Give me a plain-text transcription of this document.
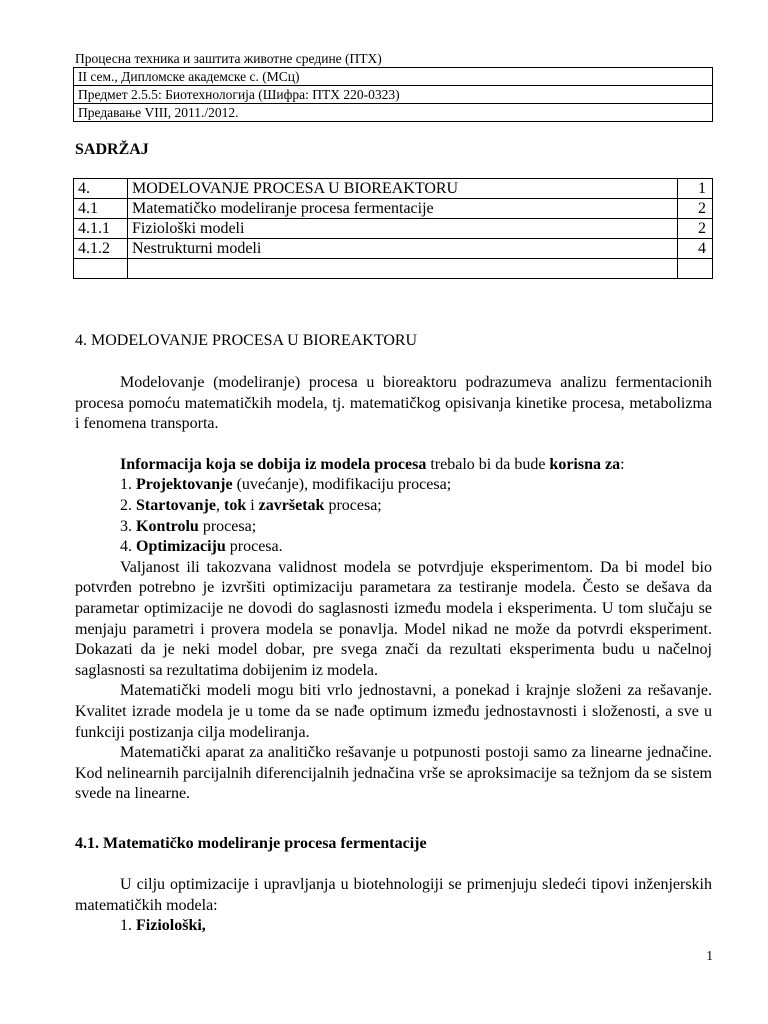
Процесна техника и заштита животне средине (ПТХ)
II сем., Дипломске академске с. (МСц)
Предмет 2.5.5: Биотехнологија (Шифра: ПТХ 220-0323)
Предавање VIII, 2011./2012.
SADRŽAJ
4.	MODELOVANJE PROCESA U BIOREAKTORU	1
4.1	Matematičko modeliranje procesa fermentacije	2
4.1.1	Fiziološki modeli	2
4.1.2	Nestrukturni modeli	4

4. MODELOVANJE PROCESA U BIOREAKTORU

Modelovanje (modeliranje) procesa u bioreaktoru podrazumeva analizu fermentacionih procesa pomoću matematičkih modela, tj. matematičkog opisivanja kinetike procesa, metabolizma i fenomena transporta.

Informacija koja se dobija iz modela procesa trebalo bi da bude korisna za:

1. Projektovanje (uvećanje), modifikaciju procesa;

2. Startovanje, tok i završetak procesa;

3. Kontrolu procesa;

4. Optimizaciju procesa.

Valjanost ili takozvana validnost modela se potvrdjuje eksperimentom. Da bi model bio potvrđen potrebno je izvršiti optimizaciju parametara za testiranje modela. Često se dešava da parametar optimizacije ne dovodi do saglasnosti između modela i eksperimenta. U tom slučaju se menjaju parametri i provera modela se ponavlja. Model nikad ne može da potvrdi eksperiment. Dokazati da je neki model dobar, pre svega znači da rezultati eksperimenta budu u načelnoj saglasnosti sa rezultatima dobijenim iz modela.

Matematički modeli mogu biti vrlo jednostavni, a ponekad i krajnje složeni za rešavanje. Kvalitet izrade modela je u tome da se nađe optimum između jednostavnosti i složenosti, a sve u funkciji postizanja cilja modeliranja.

Matematički aparat za analitičko rešavanje u potpunosti postoji samo za linearne jednačine. Kod nelinearnih parcijalnih diferencijalnih jednačina vrše se aproksimacije sa težnjom da se sistem svede na linearne.

4.1. Matematičko modeliranje procesa fermentacije

U cilju optimizacije i upravljanja u biotehnologiji se primenjuju sledeći tipovi inženjerskih matematičkih modela:

1. Fiziološki,

1
